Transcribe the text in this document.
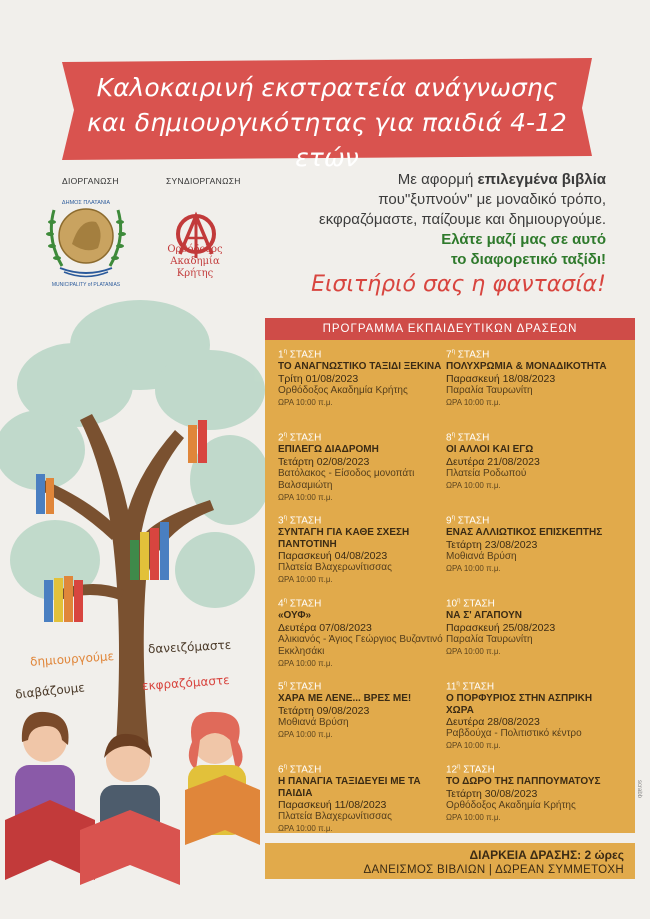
Καλοκαιρινή εκστρατεία ανάγνωσης
και δημιουργικότητας για παιδιά 4-12 ετών
ΔΙΟΡΓΑΝΩΣΗ	ΣΥΝΔΙΟΡΓΑΝΩΣΗ
ΔΗΜΟΣ ΠΛΑΤΑΝΙΑ
MUNICIPALITY of PLATANIAS
Ορθόδοξος
Ακαδημία
Κρήτης
Με αφορμή επιλεγμένα βιβλία
που"ξυπνούν" με μοναδικό τρόπο,
εκφραζόμαστε, παίζουμε και δημιουργούμε.
Ελάτε μαζί μας σε αυτό
το διαφορετικό ταξίδι!
Εισιτήριό σας η φαντασία!
δημιουργούμε
δανειζόμαστε
διαβάζουμε	εκφραζόμαστε
ΠΡΟΓΡΑΜΜΑ ΕΚΠΑΙΔΕΥΤΙΚΩΝ ΔΡΑΣΕΩΝ
$1^\eta$ ΣΤΑΣΗ
ΤΟ ΑΝΑΓΝΩΣΤΙΚΟ ΤΑΞΙΔΙ ΞΕΚΙΝΑ
Τρίτη 01/08/2023
Ορθόδοξος Ακαδημία Κρήτης
ΩΡΑ 10:00 π.μ.
$2^\eta$ ΣΤΑΣΗ
ΕΠΙΛΕΓΩ ΔΙΑΔΡΟΜΗ
Τετάρτη 02/08/2023
Βατόλακος - Είσοδος μονοπάτι Βαλσαμιώτη
ΩΡΑ 10:00 π.μ.
$3^\eta$ ΣΤΑΣΗ
ΣΥΝΤΑΓΗ ΓΙΑ ΚΑΘΕ ΣΧΕΣΗ ΠΑΝΤΟΤΙΝΗ
Παρασκευή 04/08/2023
Πλατεία Βλαχερωνίτισσας
ΩΡΑ 10:00 π.μ.
$4^\eta$ ΣΤΑΣΗ
«ΟΥΦ»
Δευτέρα 07/08/2023
Αλικιανός - Άγιος Γεώργιος Βυζαντινό Εκκλησάκι
ΩΡΑ 10:00 π.μ.
$5^\eta$ ΣΤΑΣΗ
ΧΑΡΑ ΜΕ ΛΕΝΕ... ΒΡΕΣ ΜΕ!
Τετάρτη 09/08/2023
Μοθιανά Βρύση
ΩΡΑ 10:00 π.μ.
$6^\eta$ ΣΤΑΣΗ
Η ΠΑΝΑΓΙΑ ΤΑΞΙΔΕΥΕΙ ΜΕ ΤΑ ΠΑΙΔΙΑ
Παρασκευή 11/08/2023
Πλατεία Βλαχερωνίτισσας
ΩΡΑ 10:00 π.μ.
$7^\eta$ ΣΤΑΣΗ
ΠΟΛΥΧΡΩΜΙΑ & ΜΟΝΑΔΙΚΟΤΗΤΑ
Παρασκευή 18/08/2023
Παραλία Ταυρωνίτη
ΩΡΑ 10:00 π.μ.
$8^\eta$ ΣΤΑΣΗ
ΟΙ ΑΛΛΟΙ ΚΑΙ ΕΓΩ
Δευτέρα 21/08/2023
Πλατεία Ροδωπού
ΩΡΑ 10:00 π.μ.
$9^\eta$ ΣΤΑΣΗ
ΕΝΑΣ ΑΛΛΙΩΤΙΚΟΣ ΕΠΙΣΚΕΠΤΗΣ
Τετάρτη 23/08/2023
Μοθιανά Βρύση
ΩΡΑ 10:00 π.μ.
$10^\eta$ ΣΤΑΣΗ
ΝΑ Σ' ΑΓΑΠΟΥΝ
Παρασκευή 25/08/2023
Παραλία Ταυρωνίτη
ΩΡΑ 10:00 π.μ.
$11^\eta$ ΣΤΑΣΗ
Ο ΠΟΡΦΥΡΙΟΣ ΣΤΗΝ ΑΣΠΡΙΚΗ ΧΩΡΑ
Δευτέρα 28/08/2023
Ραβδούχα - Πολιτιστικό κέντρο
ΩΡΑ 10:00 π.μ.
$12^\eta$ ΣΤΑΣΗ
ΤΟ ΔΩΡΟ ΤΗΣ ΠΑΠΠΟΥΜΑΤΟΥΣ
Τετάρτη 30/08/2023
Ορθόδοξος Ακαδημία Κρήτης
ΩΡΑ 10:00 π.μ.
ΔΙΑΡΚΕΙΑ ΔΡΑΣΗΣ: 2 ώρες
ΔΑΝΕΙΣΜΟΣ ΒΙΒΛΙΩΝ | ΔΩΡΕΑΝ ΣΥΜΜΕΤΟΧΗ
scrabb
